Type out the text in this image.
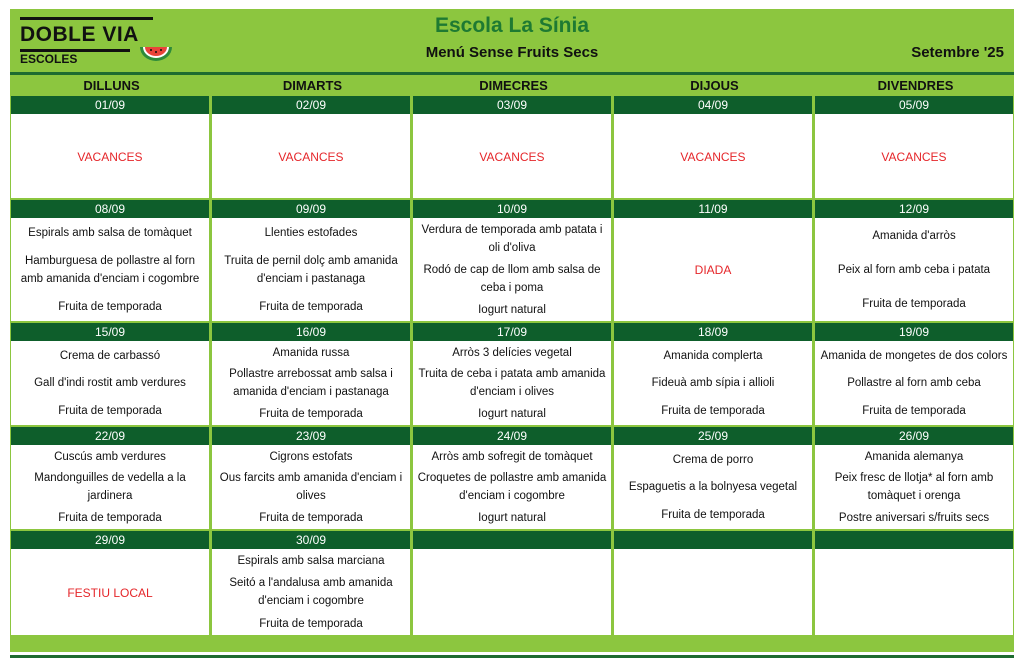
DOBLE VIA
ESCOLES
Escola La Sínia
Menú Sense Fruits Secs	Setembre '25
DILLUNS	DIMARTS	DIMECRES	DIJOUS	DIVENDRES
01/09
VACANCES
02/09
VACANCES
03/09
VACANCES
04/09
VACANCES
05/09
VACANCES
08/09
Espirals amb salsa de tomàquet
Hamburguesa de pollastre al forn amb amanida d'enciam i cogombre
Fruita de temporada
09/09
Llenties estofades
Truita de pernil dolç amb amanida d'enciam i pastanaga
Fruita de temporada
10/09
Verdura de temporada amb patata i oli d'oliva
Rodó de cap de llom amb salsa de ceba i poma
Iogurt natural
11/09
DIADA
12/09
Amanida d'arròs
Peix al forn amb ceba i patata
Fruita de temporada
15/09
Crema de carbassó
Gall d'indi rostit amb verdures
Fruita de temporada
16/09
Amanida russa
Pollastre arrebossat amb salsa i amanida d'enciam i pastanaga
Fruita de temporada
17/09
Arròs 3 delícies vegetal
Truita de ceba i patata amb amanida d'enciam i olives
Iogurt natural
18/09
Amanida complerta
Fideuà amb sípia i allioli
Fruita de temporada
19/09
Amanida de mongetes de dos colors
Pollastre al forn amb ceba
Fruita de temporada
22/09
Cuscús amb verdures
Mandonguilles de vedella a la jardinera
Fruita de temporada
23/09
Cigrons estofats
Ous farcits amb amanida d'enciam i olives
Fruita de temporada
24/09
Arròs amb sofregit de tomàquet
Croquetes de pollastre amb amanida d'enciam i cogombre
Iogurt natural
25/09
Crema de porro
Espaguetis a la bolnyesa vegetal
Fruita de temporada
26/09
Amanida alemanya
Peix fresc de llotja* al forn amb tomàquet i orenga
Postre aniversari s/fruits secs
29/09
FESTIU LOCAL
30/09
Espirals amb salsa marciana
Seitó a l'andalusa amb amanida d'enciam i cogombre
Fruita de temporada
